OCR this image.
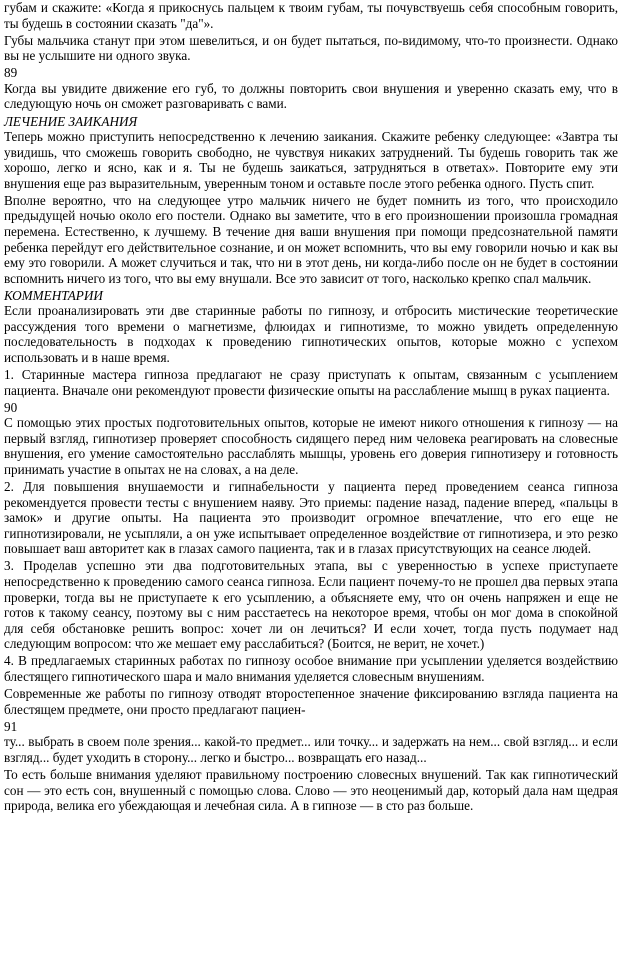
губам и скажите: «Когда я прикоснусь пальцем к твоим губам, ты почувствуешь себя способным говорить, ты будешь в состоянии сказать "да"».

Губы мальчика станут при этом шевелиться, и он будет пытаться, по-видимому, что-то произнести. Однако вы не услышите ни одного звука.

89

Когда вы увидите движение его губ, то должны повторить свои внушения и уверенно сказать ему, что в следующую ночь он сможет разговаривать с вами.

ЛЕЧЕНИЕ ЗАИКАНИЯ

Теперь можно приступить непосредственно к лечению заикания. Скажите ребенку следующее: «Завтра ты увидишь, что сможешь говорить свободно, не чувствуя никаких затруднений. Ты будешь говорить так же хорошо, легко и ясно, как и я. Ты не будешь заикаться, затрудняться в ответах». Повторите ему эти внушения еще раз выразительным, уверенным тоном и оставьте после этого ребенка одного. Пусть спит.

Вполне вероятно, что на следующее утро мальчик ничего не будет помнить из того, что происходило предыдущей ночью около его постели. Однако вы заметите, что в его произношении произошла громадная перемена. Естественно, к лучшему. В течение дня ваши внушения при помощи предсознательной памяти ребенка перейдут его действительное сознание, и он может вспомнить, что вы ему говорили ночью и как вы ему это говорили. А может случиться и так, что ни в этот день, ни когда-либо после он не будет в состоянии вспомнить ничего из того, что вы ему внушали. Все это зависит от того, насколько крепко спал мальчик.

КОММЕНТАРИИ

Если проанализировать эти две старинные работы по гипнозу, и отбросить мистические теоретические рассуждения того времени о магнетизме, флюидах и гипнотизме, то можно увидеть определенную последовательность в подходах к проведению гипнотических опытов, которые можно с успехом использовать и в наше время.

1. Старинные мастера гипноза предлагают не сразу приступать к опытам, связанным с усыплением пациента. Вначале они рекомендуют провести физические опыты на расслабление мышц в руках пациента.

90

С помощью этих простых подготовительных опытов, которые не имеют никого отношения к гипнозу — на первый взгляд, гипнотизер проверяет способность сидящего перед ним человека реагировать на словесные внушения, его умение самостоятельно расслаблять мышцы, уровень его доверия гипнотизеру и готовность принимать участие в опытах не на словах, а на деле.

2. Для повышения внушаемости и гипнабельности у пациента перед проведением сеанса гипноза рекомендуется провести тесты с внушением наяву. Это приемы: падение назад, падение вперед, «пальцы в замок» и другие опыты. На пациента это производит огромное впечатление, что его еще не гипнотизировали, не усыпляли, а он уже испытывает определенное воздействие от гипнотизера, и это резко повышает ваш авторитет как в глазах самого пациента, так и в глазах присутствующих на сеансе людей.

3. Проделав успешно эти два подготовительных этапа, вы с уверенностью в успехе приступаете непосредственно к проведению самого сеанса гипноза. Если пациент почему-то не прошел два первых этапа проверки, тогда вы не приступаете к его усыплению, а объясняете ему, что он очень напряжен и еще не готов к такому сеансу, поэтому вы с ним расстаетесь на некоторое время, чтобы он мог дома в спокойной для себя обстановке решить вопрос: хочет ли он лечиться? И если хочет, тогда пусть подумает над следующим вопросом: что же мешает ему расслабиться? (Боится, не верит, не хочет.)

4. В предлагаемых старинных работах по гипнозу особое внимание при усыплении уделяется воздействию блестящего гипнотического шара и мало внимания уделяется словесным внушениям.

Современные же работы по гипнозу отводят второстепенное значение фиксированию взгляда пациента на блестящем предмете, они просто предлагают пациен-

91

ту... выбрать в своем поле зрения... какой-то предмет... или точку... и задержать на нем... свой взгляд... и если взгляд... будет уходить в сторону... легко и быстро... возвращать его назад...

То есть больше внимания уделяют правильному построению словесных внушений. Так как гипнотический сон — это есть сон, внушенный с помощью слова. Слово — это неоценимый дар, который дала нам щедрая природа, велика его убеждающая и лечебная сила. А в гипнозе — в сто раз больше.
